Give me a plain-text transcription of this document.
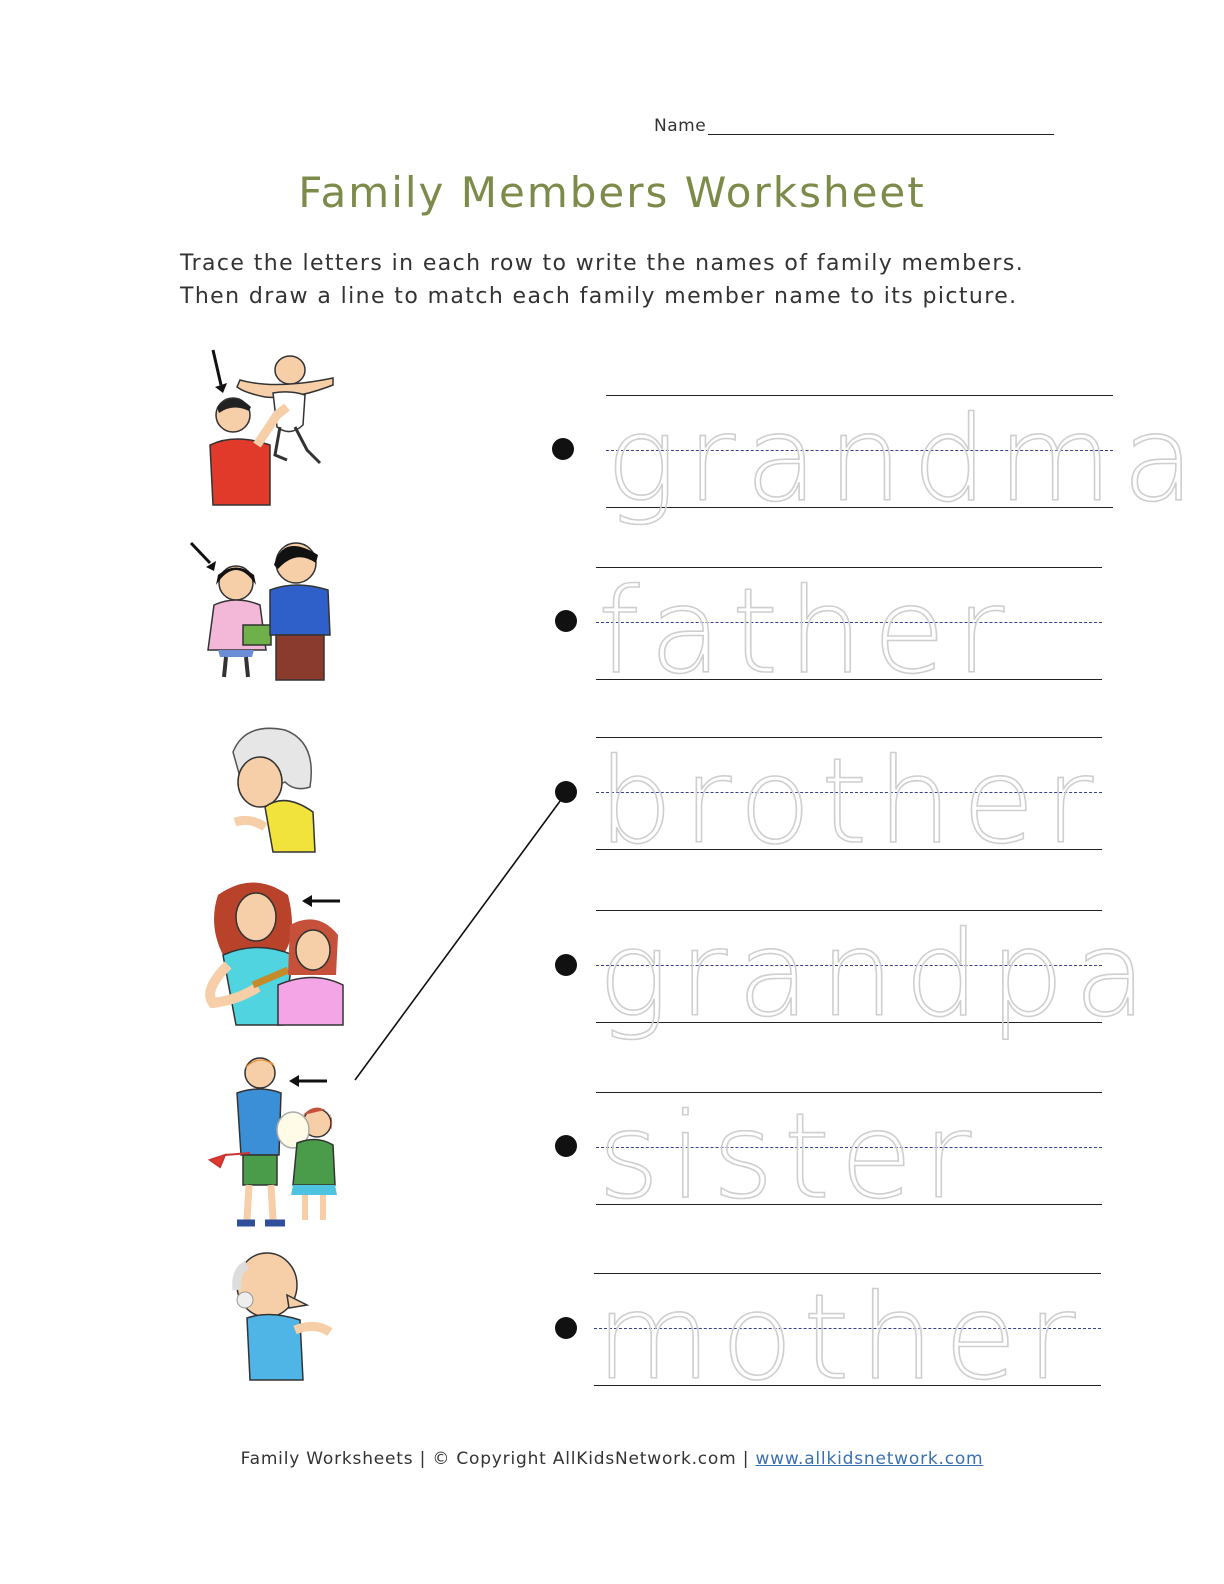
Name
Family Members Worksheet
Trace the letters in each row to write the names of family members.
Then draw a line to match each family member name to its picture.
grandma
father
brother
grandpa
sister
mother
Family Worksheets | © Copyright AllKidsNetwork.com | www.allkidsnetwork.com
